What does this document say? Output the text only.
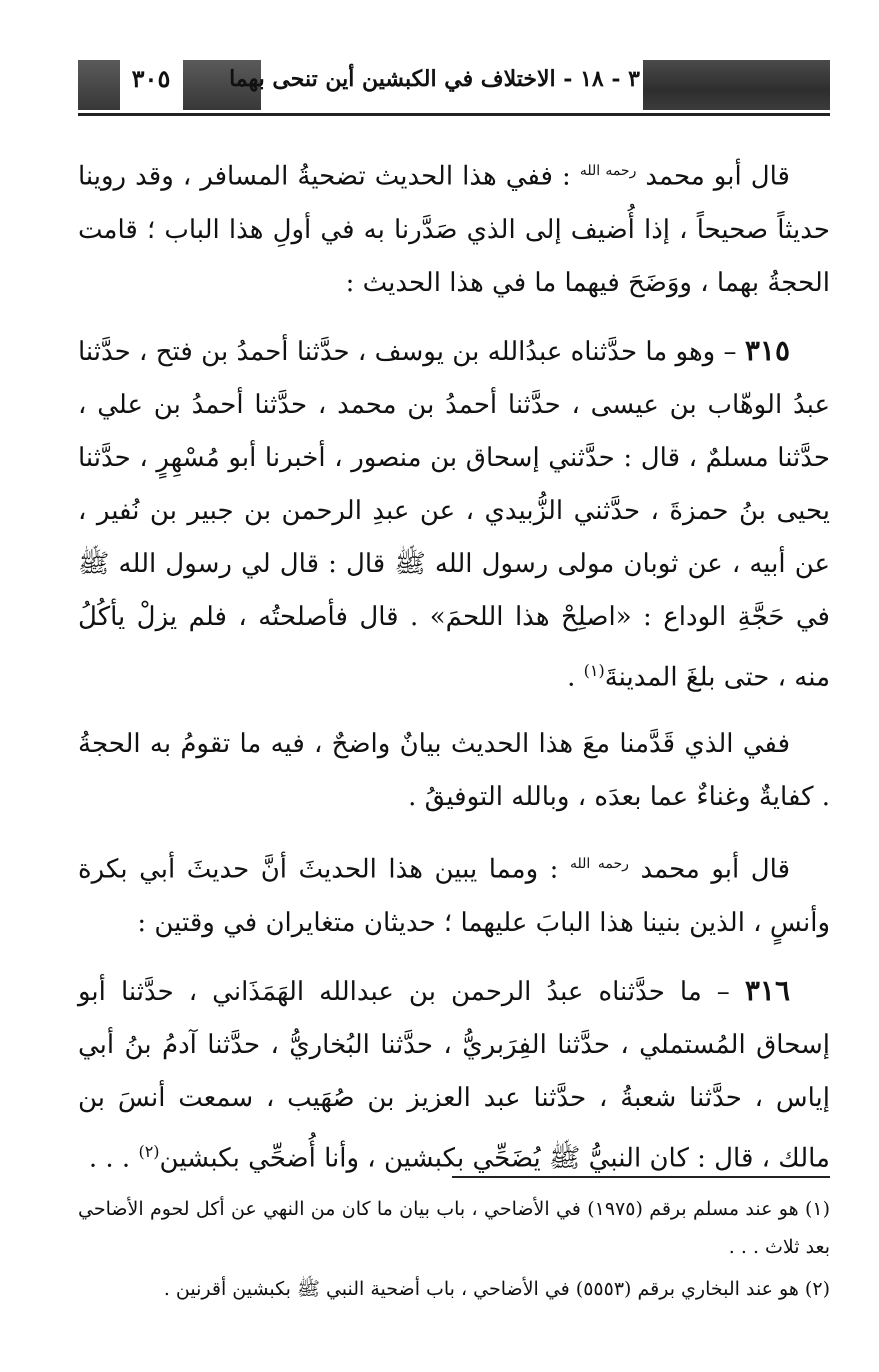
٣ - ١٨ - الاختلاف في الكبشين أين تنحى بهما
٣٠٥

قال أبو محمد $^{رحمه الله}$ : ففي هذا الحديث تضحيةُ المسافر ، وقد روينا حديثاً صحيحاً ، إذا أُضيف إلى الذي صَدَّرنا به في أولِ هذا الباب ؛ قامت الحجةُ بهما ، ووَضَحَ فيهما ما في هذا الحديث :

٣١٥ – وهو ما حدَّثناه عبدُالله بن يوسف ، حدَّثنا أحمدُ بن فتح ، حدَّثنا عبدُ الوهّاب بن عيسى ، حدَّثنا أحمدُ بن محمد ، حدَّثنا أحمدُ بن علي ، حدَّثنا مسلمٌ ، قال : حدَّثني إسحاق بن منصور ، أخبرنا أبو مُسْهِرٍ ، حدَّثنا يحيى بنُ حمزةَ ، حدَّثني الزُّبيدي ، عن عبدِ الرحمن بن جبير بن نُفير ، عن أبيه ، عن ثوبان مولى رسول الله ﷺ قال : قال لي رسول الله ﷺ في حَجَّةِ الوداع : «اصلِحْ هذا اللحمَ» . قال فأصلحتُه ، فلم يزلْ يأكُلُ منه ، حتى بلغَ المدينةَ$^{(١)}$ .

ففي الذي قَدَّمنا معَ هذا الحديث بيانٌ واضحٌ ، فيه ما تقومُ به الحجةُ . كفايةٌ وغناءٌ عما بعدَه ، وبالله التوفيقُ .

قال أبو محمد $^{رحمه الله}$ : ومما يبين هذا الحديثَ أنَّ حديثَ أبي بكرة وأنسٍ ، الذين بنينا هذا البابَ عليهما ؛ حديثان متغايران في وقتين :

٣١٦ – ما حدَّثناه عبدُ الرحمن بن عبدالله الهَمَذَاني ، حدَّثنا أبو إسحاق المُستملي ، حدَّثنا الفِرَبريُّ ، حدَّثنا البُخاريُّ ، حدَّثنا آدمُ بنُ أبي إياس ، حدَّثنا شعبةُ ، حدَّثنا عبد العزيز بن صُهَيب ، سمعت أنسَ بن مالك ، قال : كان النبيُّ ﷺ يُضَحِّي بكبشين ، وأنا أُضحِّي بكبشين$^{(٢)}$ . . .

(١) هو عند مسلم برقم (١٩٧٥) في الأضاحي ، باب بيان ما كان من النهي عن أكل لحوم الأضاحي بعد ثلاث . . .

(٢) هو عند البخاري برقم (٥٥٥٣) في الأضاحي ، باب أضحية النبي ﷺ بكبشين أقرنين .
